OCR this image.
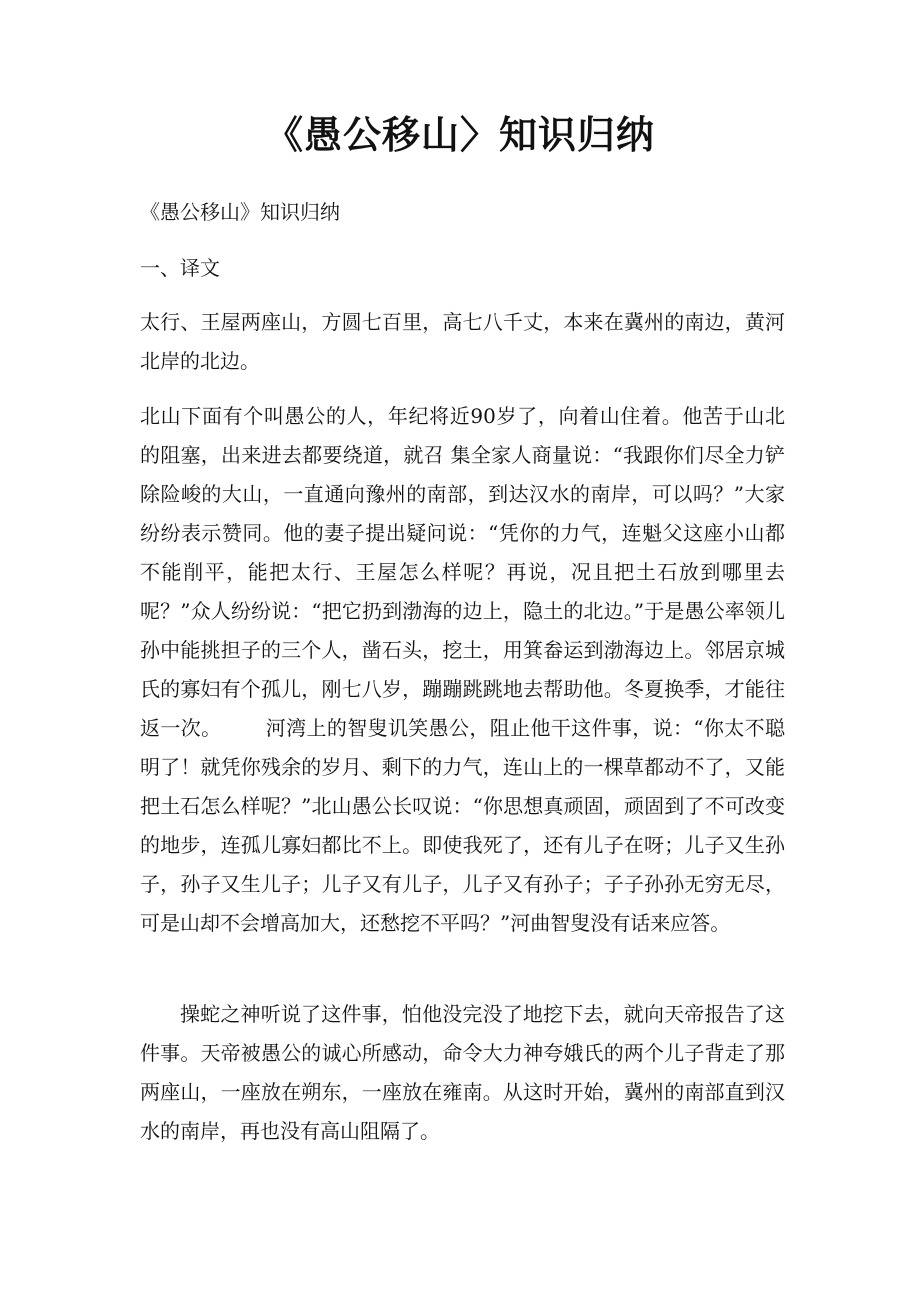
《愚公移山〉知识归纳

《愚公移山》知识归纳

一、译文

太行、王屋两座山，方圆七百里，高七八千丈，本来在冀州的南边，黄河北岸的北边。

北山下面有个叫愚公的人，年纪将近90岁了，向着山住着。他苦于山北的阻塞，出来进去都要绕道，就召 集全家人商量说：“我跟你们尽全力铲除险峻的大山，一直通向豫州的南部，到达汉水的南岸，可以吗？”大家纷纷表示赞同。他的妻子提出疑问说：“凭你的力气，连魁父这座小山都不能削平，能把太行、王屋怎么样呢？再说，况且把土石放到哪里去呢？”众人纷纷说：“把它扔到渤海的边上，隐土的北边。”于是愚公率领儿孙中能挑担子的三个人，凿石头，挖土，用箕畚运到渤海边上。邻居京城氏的寡妇有个孤儿，刚七八岁，蹦蹦跳跳地去帮助他。冬夏换季，才能往返一次。 河湾上的智叟讥笑愚公，阻止他干这件事，说：“你太不聪明了！就凭你残余的岁月、剩下的力气，连山上的一棵草都动不了，又能把土石怎么样呢？”北山愚公长叹说：“你思想真顽固，顽固到了不可改变的地步，连孤儿寡妇都比不上。即使我死了，还有儿子在呀；儿子又生孙子，孙子又生儿子；儿子又有儿子，儿子又有孙子；子子孙孙无穷无尽，可是山却不会增高加大，还愁挖不平吗？”河曲智叟没有话来应答。

操蛇之神听说了这件事，怕他没完没了地挖下去，就向天帝报告了这件事。天帝被愚公的诚心所感动，命令大力神夸娥氏的两个儿子背走了那两座山，一座放在朔东，一座放在雍南。从这时开始，冀州的南部直到汉水的南岸，再也没有高山阻隔了。
